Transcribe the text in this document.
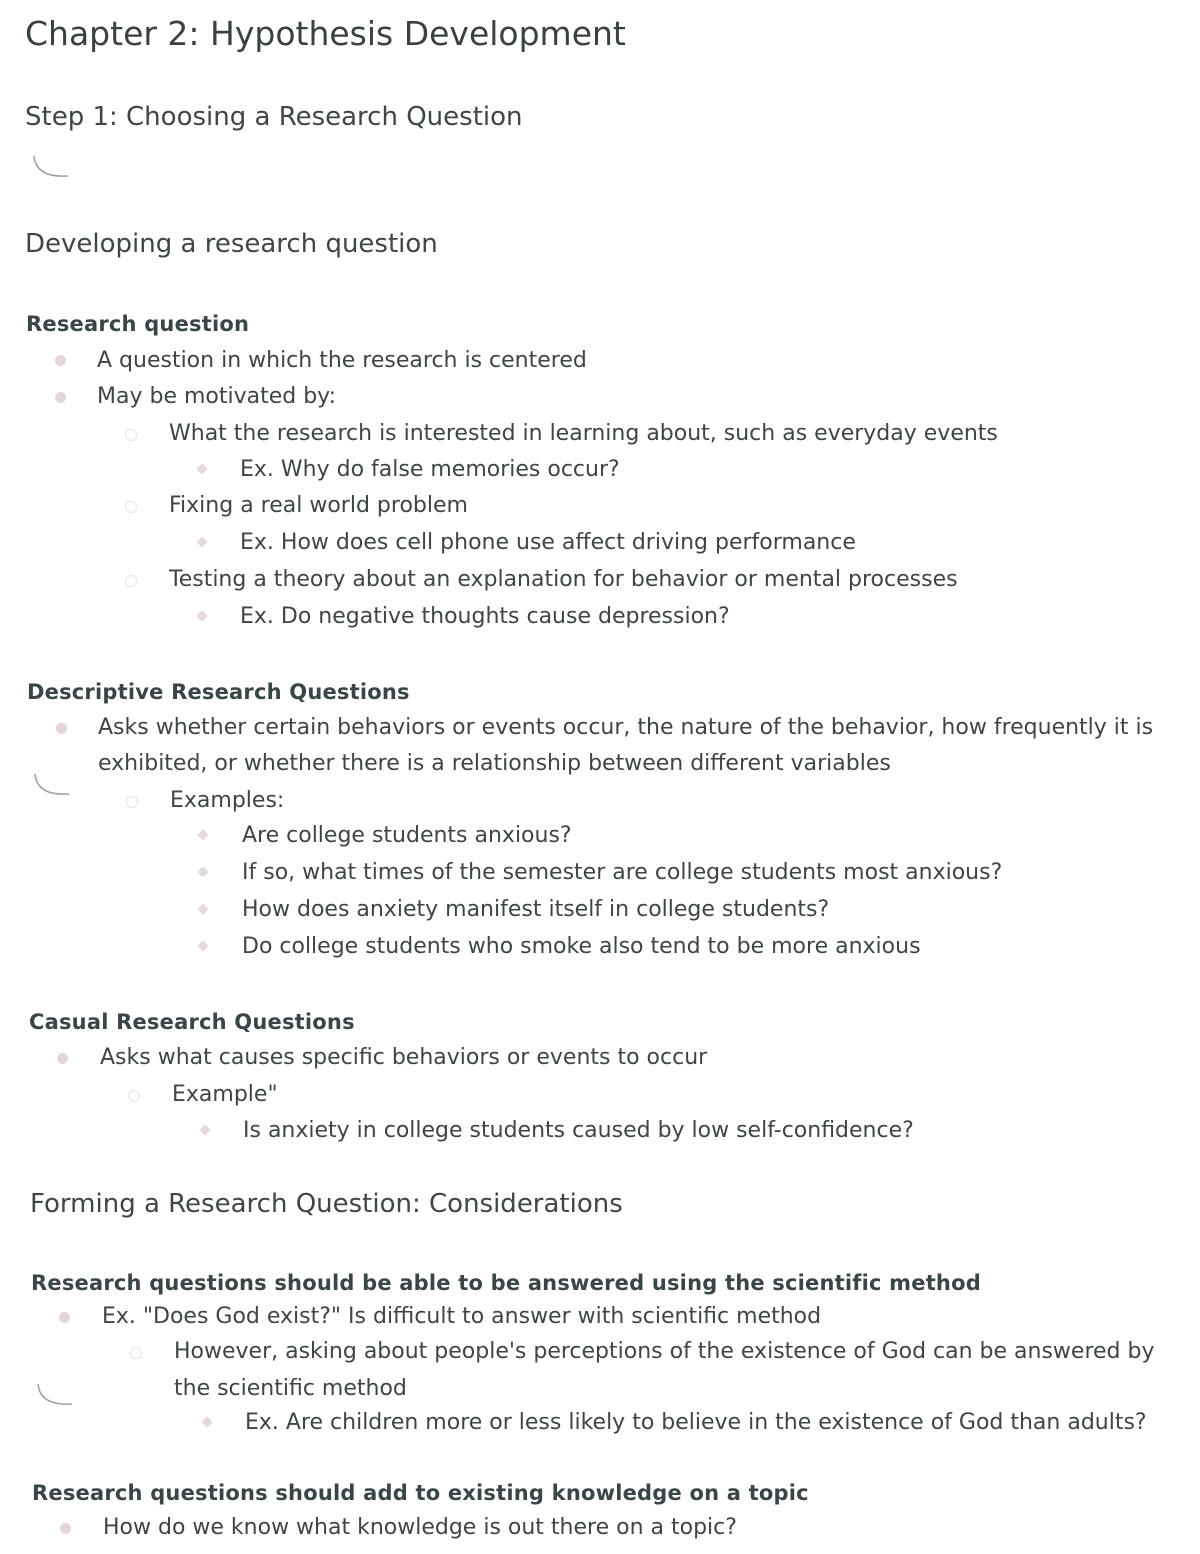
Chapter 2: Hypothesis Development
Step 1: Choosing a Research Question
Developing a research question
Research question
A question in which the research is centered
May be motivated by:
What the research is interested in learning about, such as everyday events
Ex. Why do false memories occur?
Fixing a real world problem
Ex. How does cell phone use affect driving performance
Testing a theory about an explanation for behavior or mental processes
Ex. Do negative thoughts cause depression?
Descriptive Research Questions
Asks whether certain behaviors or events occur, the nature of the behavior, how frequently it is
exhibited, or whether there is a relationship between different variables
Examples:
Are college students anxious?
If so, what times of the semester are college students most anxious?
How does anxiety manifest itself in college students?
Do college students who smoke also tend to be more anxious
Casual Research Questions
Asks what causes specific behaviors or events to occur
Example"
Is anxiety in college students caused by low self-confidence?
Forming a Research Question: Considerations
Research questions should be able to be answered using the scientific method
Ex. "Does God exist?" Is difficult to answer with scientific method
However, asking about people's perceptions of the existence of God can be answered by
the scientific method
Ex. Are children more or less likely to believe in the existence of God than adults?
Research questions should add to existing knowledge on a topic
How do we know what knowledge is out there on a topic?
